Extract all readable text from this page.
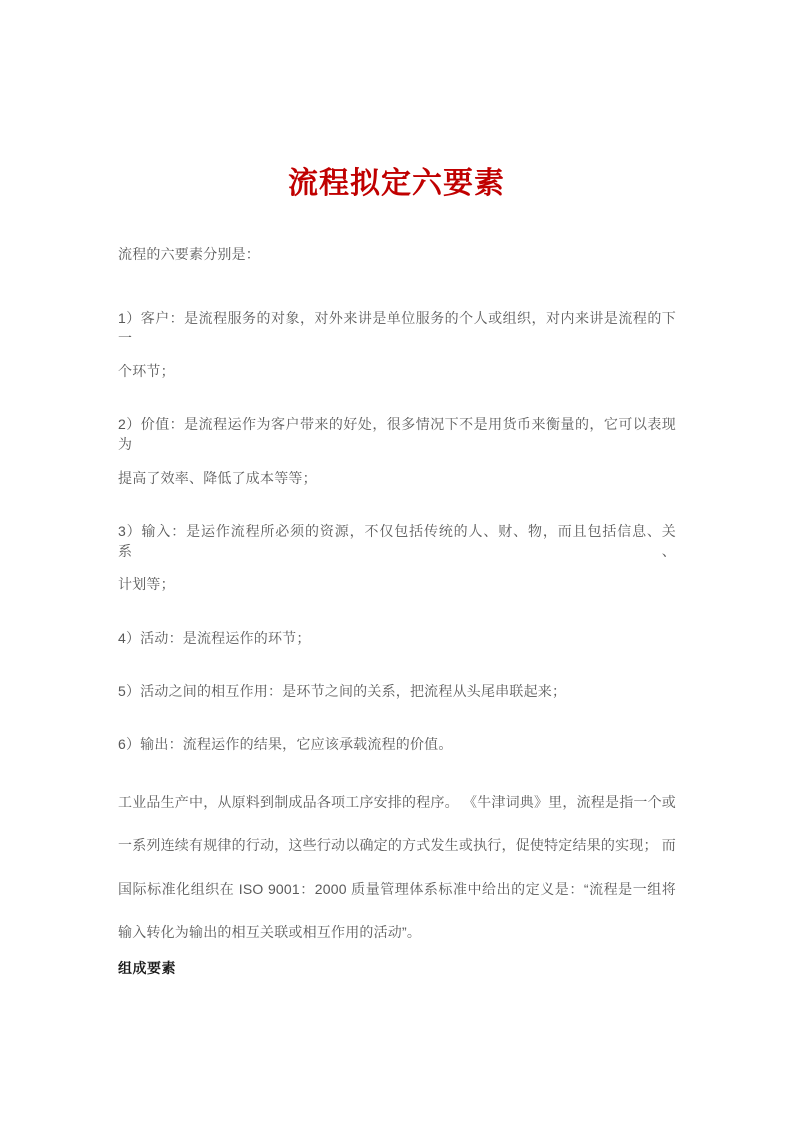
流程拟定六要素
流程的六要素分别是：
1）客户：是流程服务的对象，对外来讲是单位服务的个人或组织，对内来讲是流程的下一
个环节；
2）价值：是流程运作为客户带来的好处，很多情况下不是用货币来衡量的，它可以表现为
提高了效率、降低了成本等等；
3）输入：是运作流程所必须的资源，不仅包括传统的人、财、物，而且包括信息、关系、
计划等；
4）活动：是流程运作的环节；
5）活动之间的相互作用：是环节之间的关系，把流程从头尾串联起来；
6）输出：流程运作的结果，它应该承载流程的价值。
工业品生产中，从原料到制成品各项工序安排的程序。 《牛津词典》里，流程是指一个或
一系列连续有规律的行动，这些行动以确定的方式发生或执行，促使特定结果的实现； 而
国际标准化组织在 ISO 9001：2000 质量管理体系标准中给出的定义是：“流程是一组将
输入转化为输出的相互关联或相互作用的活动”。
组成要素
